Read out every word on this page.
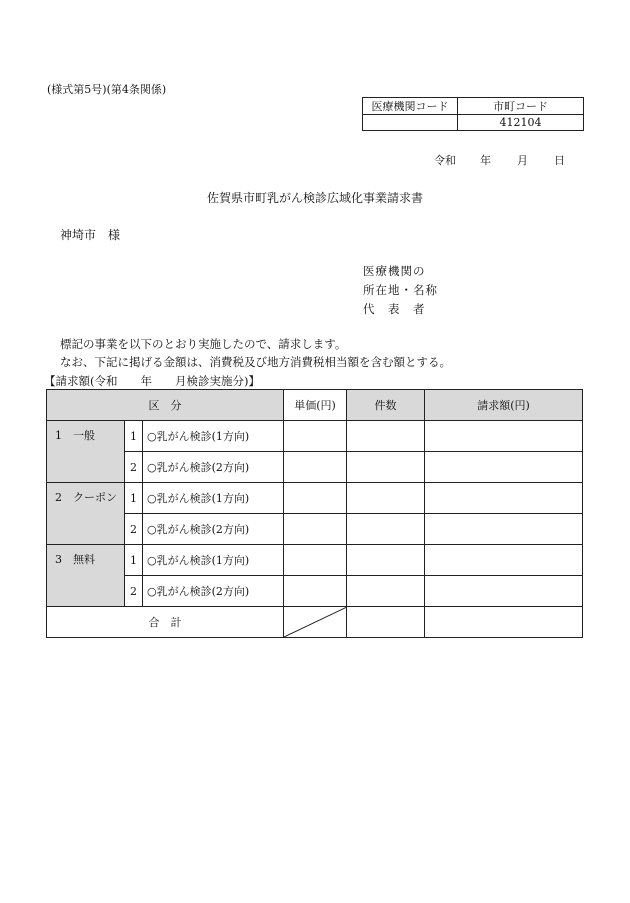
(様式第5号)(第4条関係)
医療機関コード	市町コード
	412104
令和 年 月 日
佐賀県市町乳がん検診広域化事業請求書
神埼市　様
医療機関の
所在地・名称
代　表　者
標記の事業を以下のとおり実施したので、請求します。
なお、下記に掲げる金額は、消費税及び地方消費税相当額を含む額とする。
【請求額(令和　　年　　月検診実施分)】
区　分			単価(円)	件数	請求額(円)
1　一般	1	○乳がん検診(1方向)			
	2	○乳がん検診(2方向)			
2　クーポン	1	○乳がん検診(1方向)			
	2	○乳がん検診(2方向)			
3　無料	1	○乳がん検診(1方向)			
	2	○乳がん検診(2方向)			
合　計	
